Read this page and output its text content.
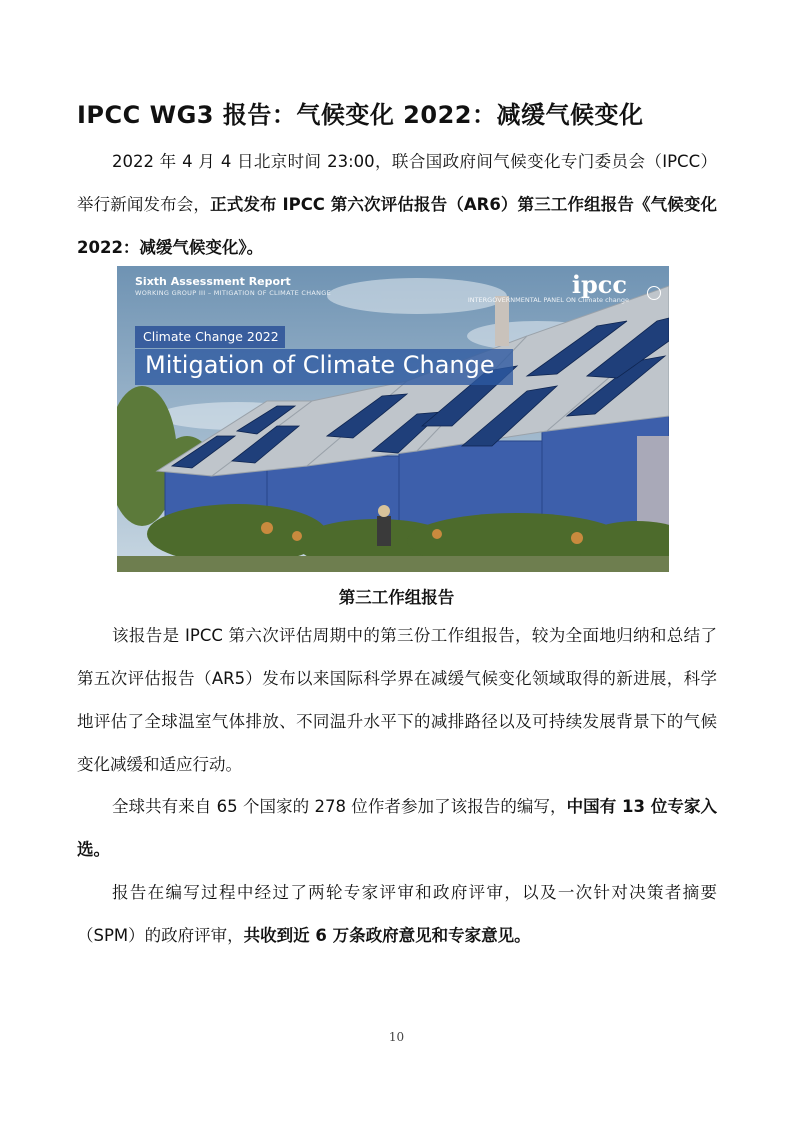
IPCC WG3 报告：气候变化 2022：减缓气候变化

2022 年 4 月 4 日北京时间 23:00，联合国政府间气候变化专门委员会（IPCC）举行新闻发布会，正式发布 IPCC 第六次评估报告（AR6）第三工作组报告《气候变化 2022：减缓气候变化》。

Sixth Assessment Report
WORKING GROUP III – MITIGATION OF CLIMATE CHANGE	ipcc
INTERGOVERNMENTAL PANEL ON Climate change
Climate Change 2022
Mitigation of Climate Change
第三工作组报告

该报告是 IPCC 第六次评估周期中的第三份工作组报告，较为全面地归纳和总结了第五次评估报告（AR5）发布以来国际科学界在减缓气候变化领域取得的新进展，科学地评估了全球温室气体排放、不同温升水平下的减排路径以及可持续发展背景下的气候变化减缓和适应行动。

全球共有来自 65 个国家的 278 位作者参加了该报告的编写，中国有 13 位专家入选。

报告在编写过程中经过了两轮专家评审和政府评审，以及一次针对决策者摘要（SPM）的政府评审，共收到近 6 万条政府意见和专家意见。

10
